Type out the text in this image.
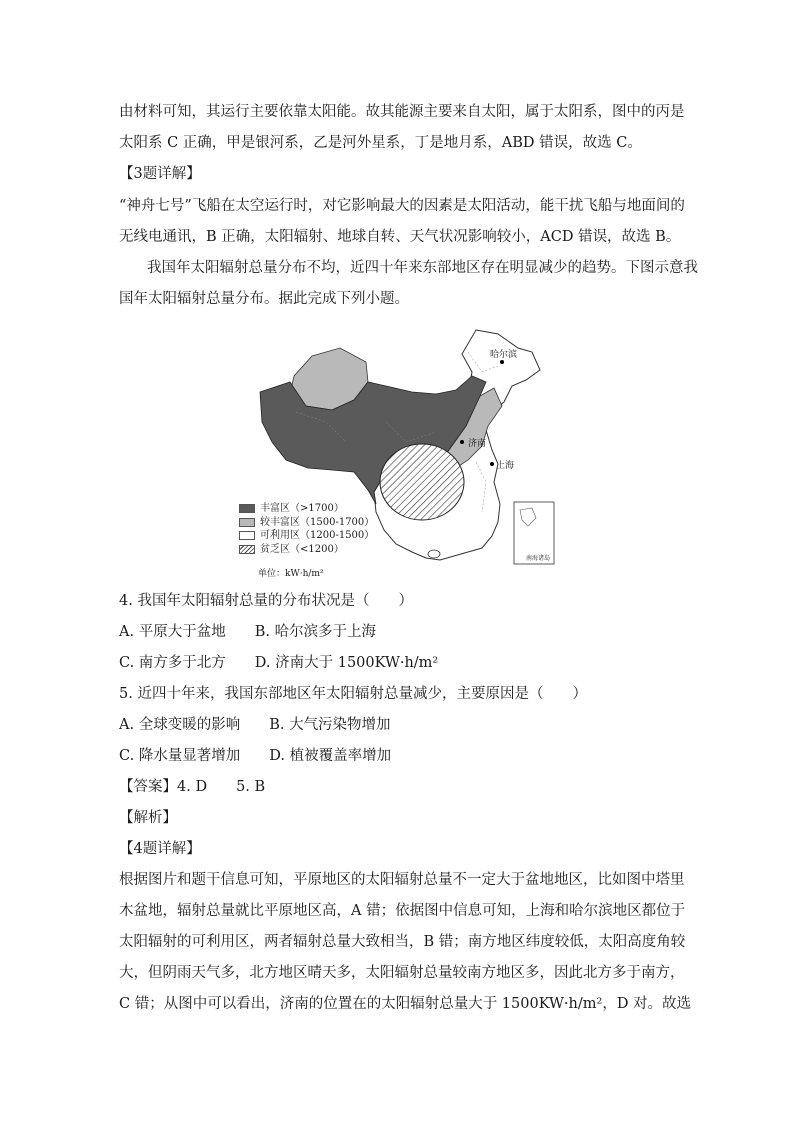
由材料可知，其运行主要依靠太阳能。故其能源主要来自太阳，属于太阳系，图中的丙是
太阳系 C 正确，甲是银河系，乙是河外星系，丁是地月系，ABD 错误，故选 C。
【3题详解】
“神舟七号”飞船在太空运行时，对它影响最大的因素是太阳活动，能干扰飞船与地面间的
无线电通讯，B 正确，太阳辐射、地球自转、天气状况影响较小，ACD 错误，故选 B。
我国年太阳辐射总量分布不均，近四十年来东部地区存在明显减少的趋势。下图示意我
国年太阳辐射总量分布。据此完成下列小题。
哈尔滨
济南
上海
南海诸岛
丰富区（>1700）
较丰富区（1500-1700）
可利用区（1200-1500）
贫乏区（<1200）
单位：kW·h/m²
4. 我国年太阳辐射总量的分布状况是（　　）
A. 平原大于盆地　　B. 哈尔滨多于上海
C. 南方多于北方　　D. 济南大于 1500KW·h/m²
5. 近四十年来，我国东部地区年太阳辐射总量减少，主要原因是（　　）
A. 全球变暖的影响　　B. 大气污染物增加
C. 降水量显著增加　　D. 植被覆盖率增加
【答案】4. D　　5. B
【解析】
【4题详解】
根据图片和题干信息可知，平原地区的太阳辐射总量不一定大于盆地地区，比如图中塔里
木盆地，辐射总量就比平原地区高，A 错；依据图中信息可知，上海和哈尔滨地区都位于
太阳辐射的可利用区，两者辐射总量大致相当，B 错；南方地区纬度较低，太阳高度角较
大，但阴雨天气多，北方地区晴天多，太阳辐射总量较南方地区多，因此北方多于南方，
C 错；从图中可以看出，济南的位置在的太阳辐射总量大于 1500KW·h/m²，D 对。故选
